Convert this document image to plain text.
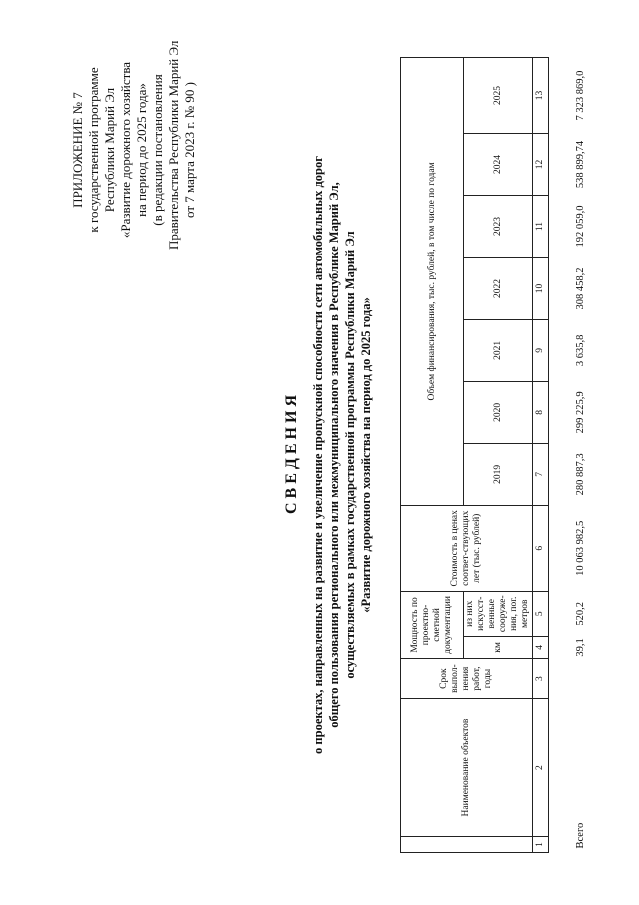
ПРИЛОЖЕНИЕ № 7 к государственной программе Республики Марий Эл «Развитие дорожного хозяйства на период до 2025 года» (в редакции постановления Правительства Республики Марий Эл от 7 марта 2023 г. № 90 )
СВЕДЕНИЯ о проектах, направленных на развитие и увеличение пропускной способности сети автомобильных дорог общего пользования регионального или межмуниципального значения в Республике Марий Эл, осуществляемых в рамках государственной программы Республики Марий Эл «Развитие дорожного хозяйства на период до 2025 года»
	Наименование объектов	Срок выпол-нения работ, годы	Мощность по проектно-сметной документации		Стоимость в ценах соответ-ствующих лет (тыс. рублей)	Объем финансирования, тыс. рублей, в том числе по годам						
			км	из них искусст-венные сооруже-ния, пог. метров		2019	2020	2021	2022	2023	2024	2025

1	2	3	4	5	6	7	8	9	10	11	12	13
Всего			39,1	520,2	10 063 982,5	280 887,3	299 225,9	3 635,8	308 458,2	192 059,0	538 899,74	7 323 869,0
